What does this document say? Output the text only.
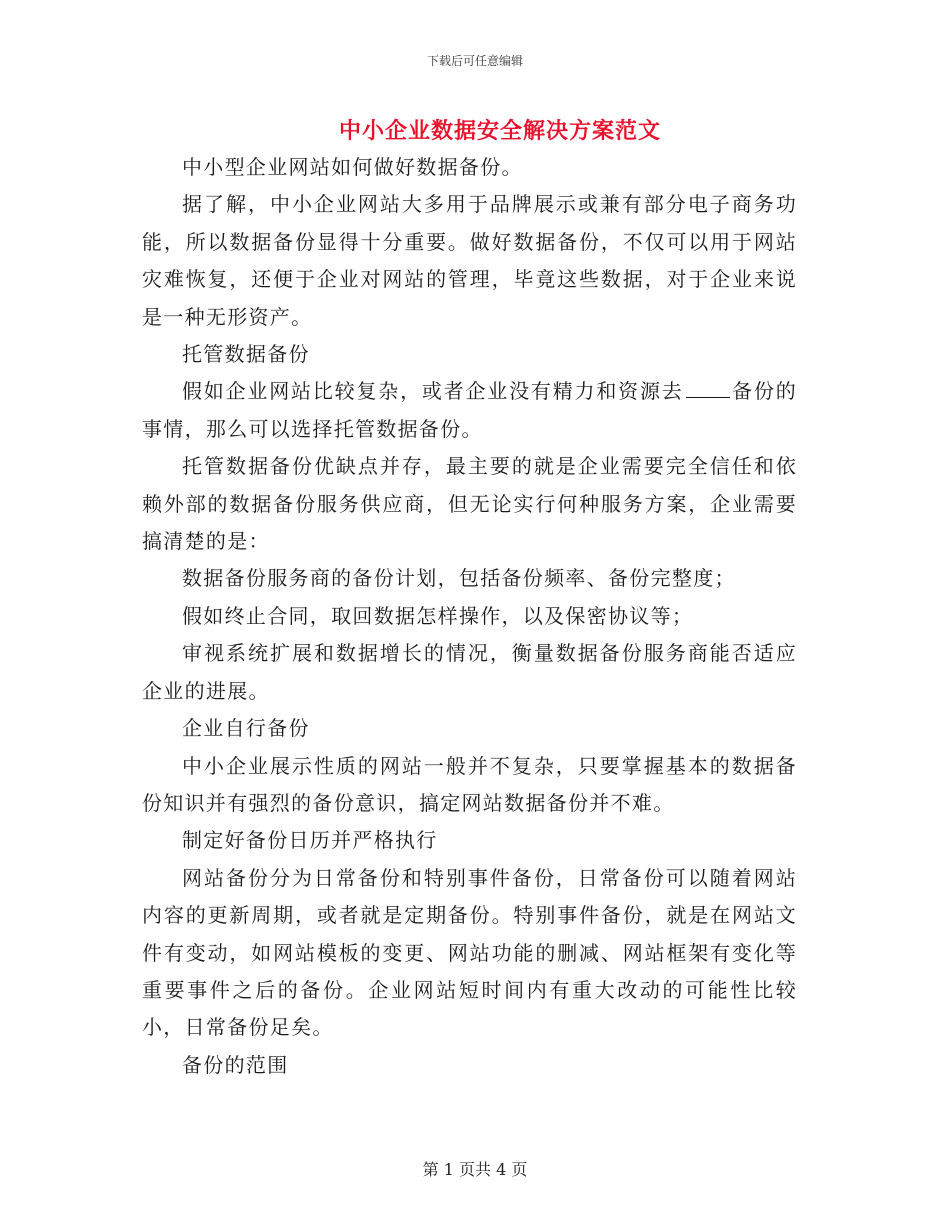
下载后可任意编辑
中小企业数据安全解决方案范文

中小型企业网站如何做好数据备份。

据了解，中小企业网站大多用于品牌展示或兼有部分电子商务功能，所以数据备份显得十分重要。做好数据备份，不仅可以用于网站灾难恢复，还便于企业对网站的管理，毕竟这些数据，对于企业来说是一种无形资产。

托管数据备份

假如企业网站比较复杂，或者企业没有精力和资源去 备份的事情，那么可以选择托管数据备份。

托管数据备份优缺点并存，最主要的就是企业需要完全信任和依赖外部的数据备份服务供应商，但无论实行何种服务方案，企业需要搞清楚的是：

数据备份服务商的备份计划，包括备份频率、备份完整度；

假如终止合同，取回数据怎样操作，以及保密协议等；

审视系统扩展和数据增长的情况，衡量数据备份服务商能否适应企业的进展。

企业自行备份

中小企业展示性质的网站一般并不复杂，只要掌握基本的数据备份知识并有强烈的备份意识，搞定网站数据备份并不难。

制定好备份日历并严格执行

网站备份分为日常备份和特别事件备份，日常备份可以随着网站内容的更新周期，或者就是定期备份。特别事件备份，就是在网站文件有变动，如网站模板的变更、网站功能的删减、网站框架有变化等重要事件之后的备份。企业网站短时间内有重大改动的可能性比较小，日常备份足矣。

备份的范围

第 1 页共 4 页
